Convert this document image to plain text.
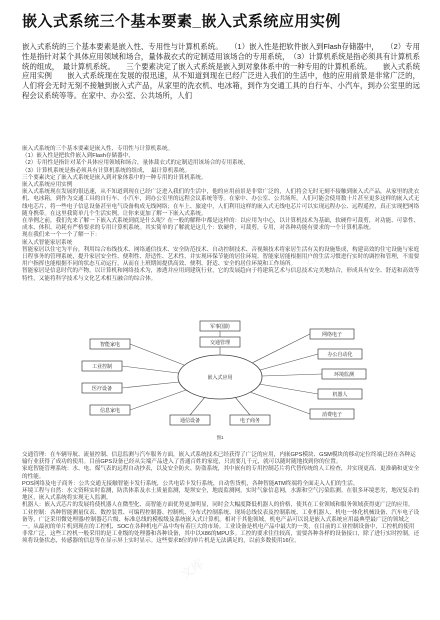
嵌入式系统三个基本要素_嵌入式系统应用实例

嵌入式系统的三个基本要素是嵌入性、专用性与计算机系统。　　（1）嵌入性是把软件嵌入到Flash存储器中，　　（2）专用性是指针对某个具体应用领域和场合，量体裁衣式的定制适用该场合的专用系统，　（3）计算机系统是指必须具有计算机系统的组成，　最计算机系统。　　三个要素决定了嵌入式系统是嵌入到对象体系中的一种专用的计算机系统。　　嵌入式系统应用实例　　嵌入式系统现在发展的很迅速，从不知道到现在已经广泛进入我们的生活中，他的应用前景是非常广泛的，人们将会无时无刻不接触到嵌入式产品，从家里的洗衣机、电冰箱，到作为交通工具的自行车、小汽车，到办公室里的远程会议系统等等。在家中、办公室、公共场所，人们

嵌入式系统的三个基本要素是嵌入性、专用性与计算机系统。

（1）嵌入性是把软件嵌入到Flash存储器中，

（2）专用性是指针对某个具体应用领域和场合，量体裁衣式的定制适用该场合的专用系统，

（3）计算机系统是指必须具有计算机系统的组成，　最计算机系统。

三个要素决定了嵌入式系统是嵌入到对象体系中的一种专用的计算机系统。

嵌入式系统应用实例

嵌入式系统现在发展的很迅速，从不知道到现在已经广泛进入我们的生活中，他的应用前景是非常广泛的，人们将会无时无刻不接触到嵌入式产品，从家里的洗衣机、电冰箱，到作为交通工具的自行车、小汽车，到办公室里的远程会议系统等等。在家中、办公室、公共场所，人们可能会使用数十片甚至更多这样的嵌入式无线电芯片，将一些电子信息设备甚至电气设备构成无线网络；在车上、旅途中，人们利用这样的嵌入式无线电芯片可以实现远程办公、远程遥控，真正实现把网络随身携带。在这里我简单几个生活实例，让你来更加了解一下嵌入式系统。

在举例之前，我们先来了解一下嵌入式系统到底是什么呢？在一般的解释中都是这样的：以应用为中心，以计算机技术为基础，软硬件可裁剪，对功能、可靠性、成本、体积、功耗有严格要求的专用计算机系统。其实简单的了解就是这几个：软硬件，可裁剪，专用，对各种功能有要求的一个计算机系统。

现在我们来一个一个了解一下：

嵌入式智能家居系统

智能家居以住宅为平台，利用综合布线技术、网络通信技术、安全防范技术、自动控制技术、音视频技术将家居生活有关的设施集成，构建高效的住宅设施与家庭日程事务的管理系统，提升家居安全性、便利性、舒适性、艺术性，并实现环保节能的居住环境。智能家居能根据用户的生活习惯进行实时的调控和管理，不需要用户指挥也能根据不同的状态互动运行，从而在上班期间提供高效、便利、舒适、安全的居住环境和工作场所。

智能家居是信息时代的产物，以计算机和网络技术为，渗透并应用到建筑行业，它的发展趋向于将建筑艺术与信息技术完美地结合，形成具有安全、舒适和高效等特性，又能将科学技术与文化艺术相互融合的综合体。

嵌入式应用
智能家电
工业控制
医疗设备
信息家电
军事国防
交通管理
网络电子
办公自动化
环境监测
机器人
消费电子
通信设备	电子商务
图1

交通管理：在车辆导航、流量控制、信息监测与汽车服务方面，嵌入式系统技术已经获得了广泛的应用，内嵌GPS模块、GSM模块的移动定位终端已经在各种运输行业获得了成功的使用。目前GPS设备已经从尖端产品进入了普通百姓的家庭，只需要几千元，就可以随时随地找到你的位置。

家庭智能管理系统：水、电、煤气表的远程自动抄表，以及安全防火、防盗系统，其中嵌有的专用控制芯片将代替传统的人工检查，并实现更高、更准确和更安全的性能。

POS网络及电子商务：公共交通无接触智能卡发行系统，公共电话卡发行系统，自动售货机，各种智能ATM终端将全面走入人们的生活。

环境工程与自然：水文资料实时监测，防洪体系及水土质量监测，堤坝安全，地震监测网，实时气象信息网，水源和空气污染监测。在很多环境恶劣，地况复杂的地区，嵌入式系统将实现无人监测。

机器人：嵌入式芯片的发展将使机器人在微型化、高智能方面优势更加明显，同时会大幅度降低机器人的价格，使其在工业领域和服务领域获得更广泛的应用。

工业控制：各种智能测量仪表、数控装置、可编程控制器、控制机、分布式控制系统、现场总线仪表及控制系统、工业机器人、机电一体化机械设备、汽车电子设备等，广泛采用微处理器/控制器芯片级、标准总线的模板级及系统嵌入式计算机。相对于其他领域，机电产品可以说是嵌入式系统应用最典型最广泛的领域之一。从最初的单片机到现在的工控机、SOC在各种机电产品中均有着巨大的市场。工业设备是机电产品中最大的一类，在目前的工业控制设备中，工控机的使用非常广泛，这些工控机一般采用的是工业级的处理器和各种设备，其中以X86的MPU多。工控的要求往往较高，需要各种各样的设备接口，除了进行实时控制，还须将设备状态，传感器的信息等在显示屏上实时显示。这些要求8位的单片机是无法满足的，以前多数使用16位。

文库	文库
文库
